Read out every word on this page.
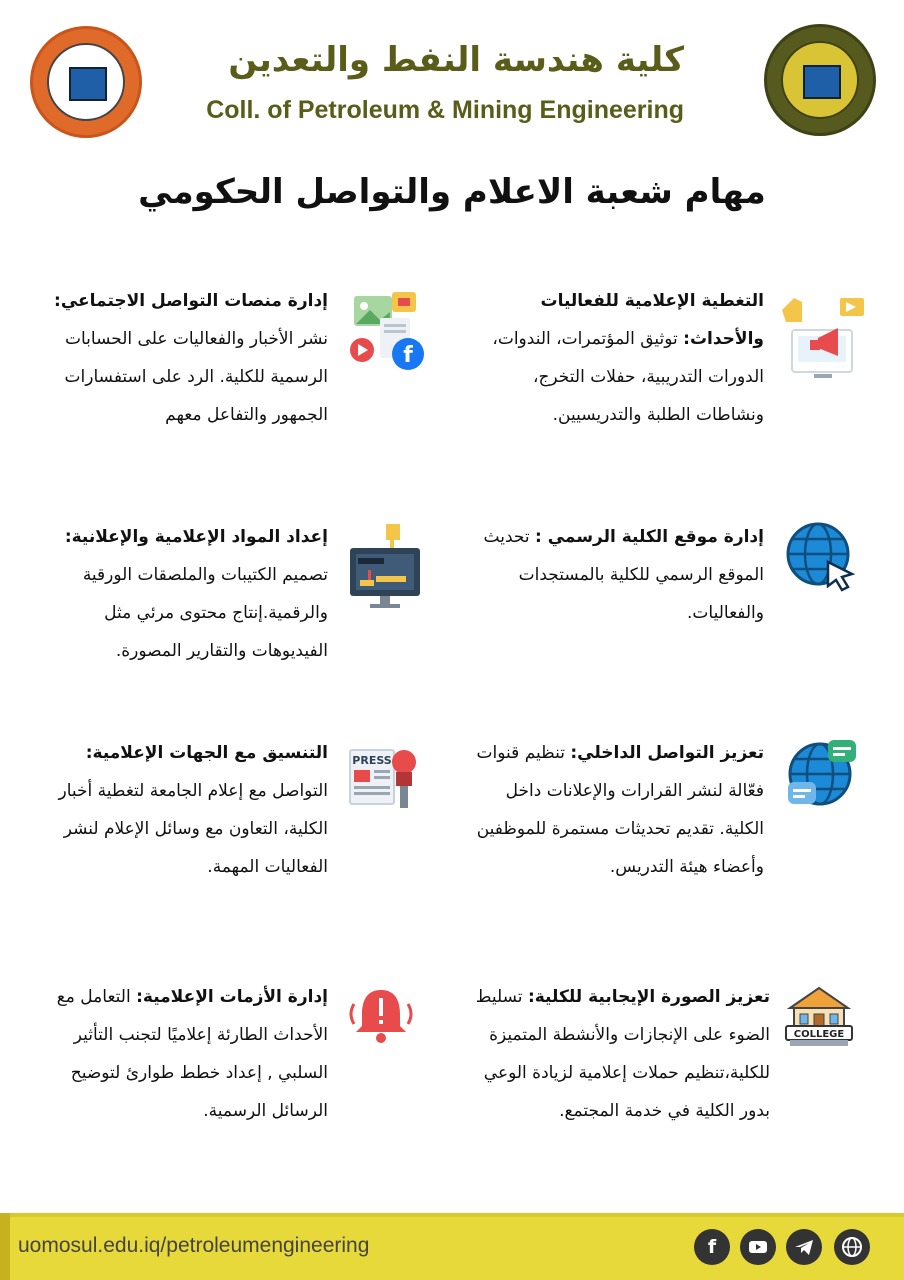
كلية هندسة النفط والتعدين
Coll. of Petroleum & Mining Engineering
مهام شعبة الاعلام والتواصل الحكومي
التغطية الإعلامية للفعاليات والأحداث: توثيق المؤتمرات، الندوات، الدورات التدريبية، حفلات التخرج، ونشاطات الطلبة والتدريسيين.
إدارة منصات التواصل الاجتماعي: نشر الأخبار والفعاليات على الحسابات الرسمية للكلية. الرد على استفسارات الجمهور والتفاعل معهم
f
إدارة موقع الكلية الرسمي : تحديث الموقع الرسمي للكلية بالمستجدات والفعاليات.
إعداد المواد الإعلامية والإعلانية: تصميم الكتيبات والملصقات الورقية والرقمية.إنتاج محتوى مرئي مثل الفيديوهات والتقارير المصورة.
تعزيز التواصل الداخلي: تنظيم قنوات فعّالة لنشر القرارات والإعلانات داخل الكلية. تقديم تحديثات مستمرة للموظفين وأعضاء هيئة التدريس.
التنسيق مع الجهات الإعلامية: التواصل مع إعلام الجامعة لتغطية أخبار الكلية، التعاون مع وسائل الإعلام لنشر الفعاليات المهمة.
PRESS
تعزيز الصورة الإيجابية للكلية: تسليط الضوء على الإنجازات والأنشطة المتميزة للكلية،تنظيم حملات إعلامية لزيادة الوعي بدور الكلية في خدمة المجتمع.
COLLEGE
إدارة الأزمات الإعلامية: التعامل مع الأحداث الطارئة إعلاميًا لتجنب التأثير السلبي , إعداد خطط طوارئ لتوضيح الرسائل الرسمية.
uomosul.edu.iq/petroleumengineering	f
